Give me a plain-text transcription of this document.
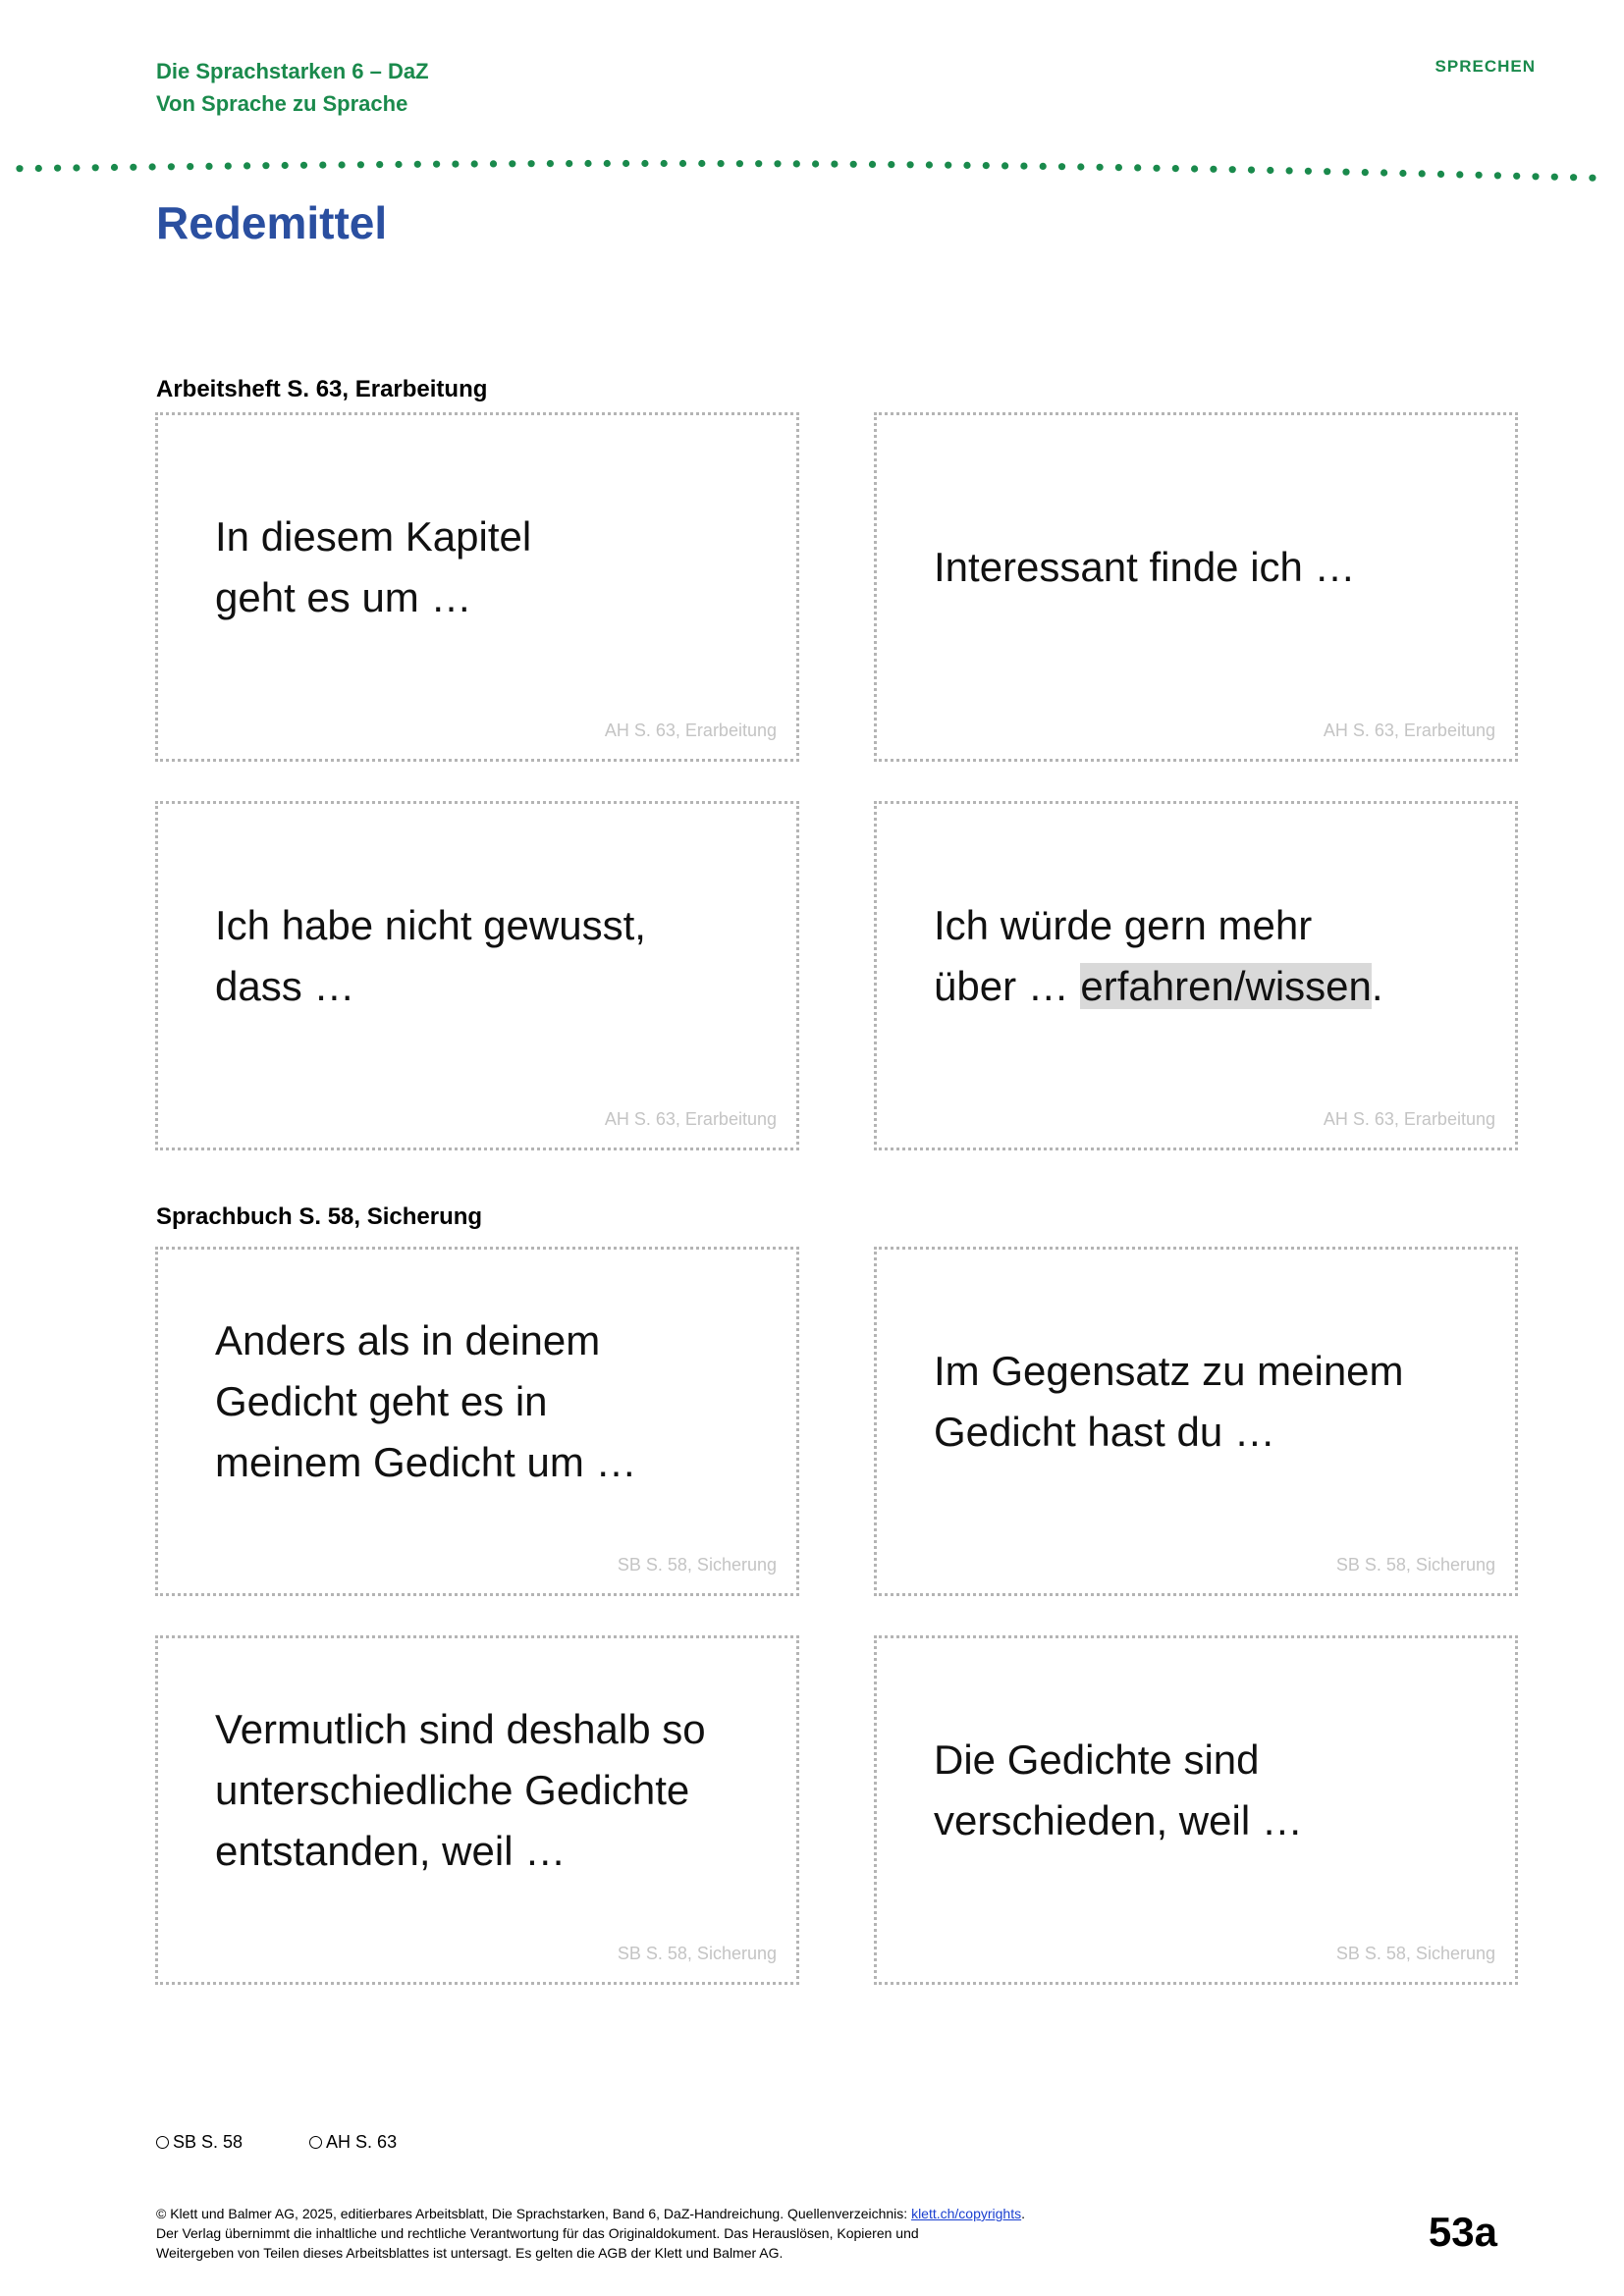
Die Sprachstarken 6 – DaZ
Von Sprache zu Sprache
SPRECHEN
Redemittel
Arbeitsheft S. 63, Erarbeitung
In diesem Kapitel
geht es um …
AH S. 63, Erarbeitung
Interessant finde ich …
AH S. 63, Erarbeitung
Ich habe nicht gewusst,
dass …
AH S. 63, Erarbeitung
Ich würde gern mehr
über … erfahren/wissen.
AH S. 63, Erarbeitung
Sprachbuch S. 58, Sicherung
Anders als in deinem
Gedicht geht es in
meinem Gedicht um …
SB S. 58, Sicherung
Im Gegensatz zu meinem
Gedicht hast du …
SB S. 58, Sicherung
Vermutlich sind deshalb so
unterschiedliche Gedichte
entstanden, weil …
SB S. 58, Sicherung
Die Gedichte sind
verschieden, weil …
SB S. 58, Sicherung
SB S. 58	AH S. 63
© Klett und Balmer AG, 2025, editierbares Arbeitsblatt, Die Sprachstarken, Band 6, DaZ-Handreichung. Quellenverzeichnis: klett.ch/copyrights.
Der Verlag übernimmt die inhaltliche und rechtliche Verantwortung für das Originaldokument. Das Herauslösen, Kopieren und
Weitergeben von Teilen dieses Arbeitsblattes ist untersagt. Es gelten die AGB der Klett und Balmer AG.	53a
